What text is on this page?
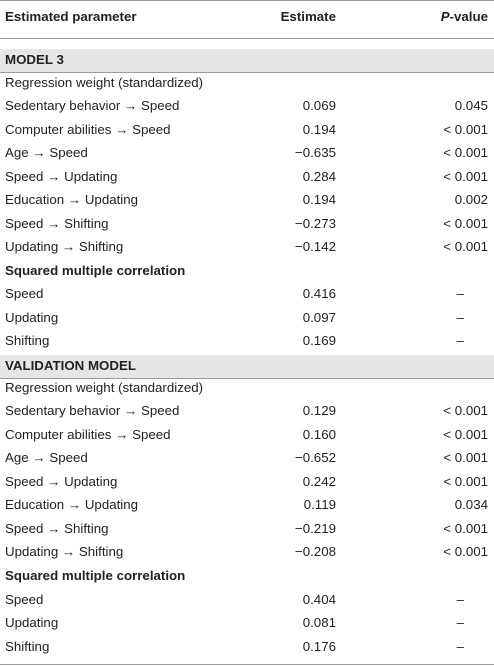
Estimated parameter	Estimate	P-value
MODEL 3
Regression weight (standardized)
Sedentary behavior → Speed	0.069	0.045
Computer abilities → Speed	0.194	< 0.001
Age → Speed	−0.635	< 0.001
Speed → Updating	0.284	< 0.001
Education → Updating	0.194	0.002
Speed → Shifting	−0.273	< 0.001
Updating → Shifting	−0.142	< 0.001
Squared multiple correlation
Speed	0.416	–
Updating	0.097	–
Shifting	0.169	–
VALIDATION MODEL
Regression weight (standardized)
Sedentary behavior → Speed	0.129	< 0.001
Computer abilities → Speed	0.160	< 0.001
Age → Speed	−0.652	< 0.001
Speed → Updating	0.242	< 0.001
Education → Updating	0.119	0.034
Speed → Shifting	−0.219	< 0.001
Updating → Shifting	−0.208	< 0.001
Squared multiple correlation
Speed	0.404	–
Updating	0.081	–
Shifting	0.176	–
